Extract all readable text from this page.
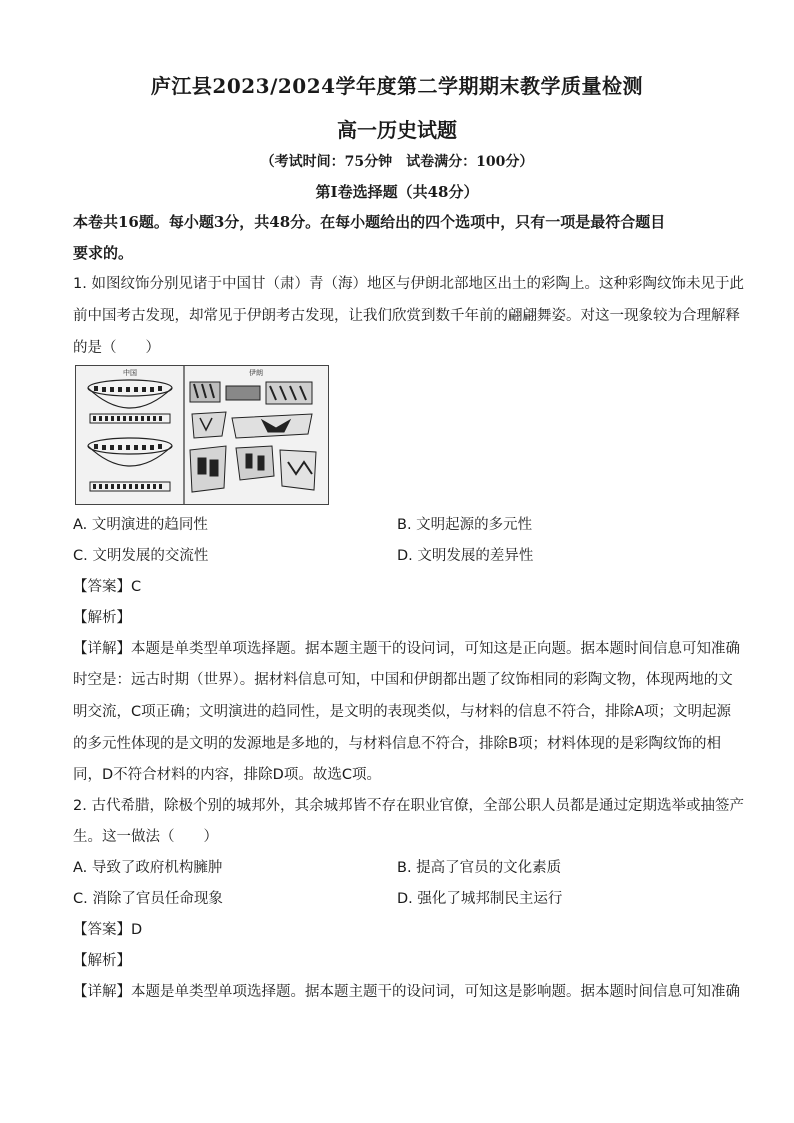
庐江县2023/2024学年度第二学期期末教学质量检测
高一历史试题
（考试时间：75分钟　试卷满分：100分）
第Ⅰ卷选择题（共48分）
本卷共16题。每小题3分，共48分。在每小题给出的四个选项中，只有一项是最符合题目
要求的。
1. 如图纹饰分别见诸于中国甘（肃）青（海）地区与伊朗北部地区出土的彩陶上。这种彩陶纹饰未见于此
前中国考古发现，却常见于伊朗考古发现，让我们欣赏到数千年前的翩翩舞姿。对这一现象较为合理解释
的是（　　）
中国	伊朗
A. 文明演进的趋同性	B. 文明起源的多元性
C. 文明发展的交流性	D. 文明发展的差异性
【答案】C
【解析】
【详解】本题是单类型单项选择题。据本题主题干的设问词，可知这是正向题。据本题时间信息可知准确
时空是：远古时期（世界）。据材料信息可知，中国和伊朗都出题了纹饰相同的彩陶文物，体现两地的文
明交流，C项正确；文明演进的趋同性，是文明的表现类似，与材料的信息不符合，排除A项；文明起源
的多元性体现的是文明的发源地是多地的，与材料信息不符合，排除B项；材料体现的是彩陶纹饰的相
同，D不符合材料的内容，排除D项。故选C项。
2. 古代希腊，除极个别的城邦外，其余城邦皆不存在职业官僚，全部公职人员都是通过定期选举或抽签产
生。这一做法（　　）
A. 导致了政府机构臃肿	B. 提高了官员的文化素质
C. 消除了官员任命现象	D. 强化了城邦制民主运行
【答案】D
【解析】
【详解】本题是单类型单项选择题。据本题主题干的设问词，可知这是影响题。据本题时间信息可知准确
